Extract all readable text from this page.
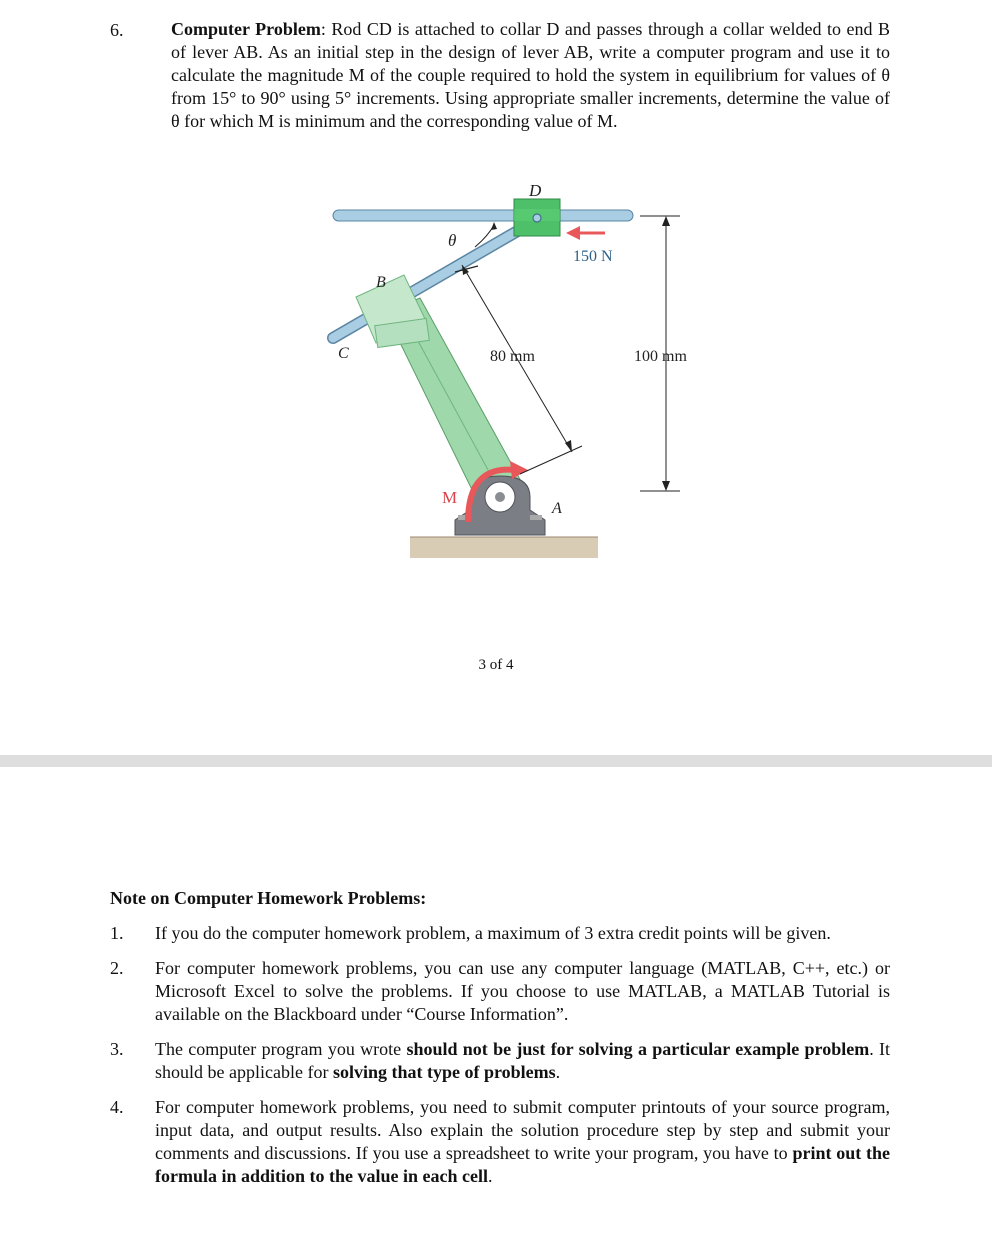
6.	Computer Problem: Rod CD is attached to collar D and passes through a collar welded to end B of lever AB. As an initial step in the design of lever AB, write a computer program and use it to calculate the magnitude M of the couple required to hold the system in equilibrium for values of θ from 15° to 90° using 5° increments. Using appropriate smaller increments, determine the value of θ for which M is minimum and the corresponding value of M.
D
B
C
A
θ
M
150 N
80 mm	100 mm
3 of 4
Note on Computer Homework Problems:
1. If you do the computer homework problem, a maximum of 3 extra credit points will be given.
2. For computer homework problems, you can use any computer language (MATLAB, C++, etc.) or Microsoft Excel to solve the problems. If you choose to use MATLAB, a MATLAB Tutorial is available on the Blackboard under “Course Information”.
3. The computer program you wrote should not be just for solving a particular example problem. It should be applicable for solving that type of problems.
4. For computer homework problems, you need to submit computer printouts of your source program, input data, and output results. Also explain the solution procedure step by step and submit your comments and discussions. If you use a spreadsheet to write your program, you have to print out the formula in addition to the value in each cell.
